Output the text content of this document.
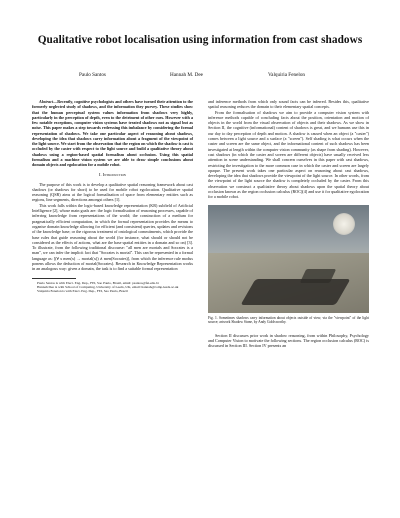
Qualitative robot localisation using information from cast shadows
Paulo Santos	Hannah M. Dee	Valquiria Fenelon

Abstract—Recently, cognitive psychologists and others have turned their attention to the formerly neglected study of shadows, and the information they purvey. These studies show that the human perceptual system values information from shadows very highly, particularly in the perception of depth, even to the detriment of other cues. However with a few notable exceptions, computer vision systems have treated shadows not as signal but as noise. This paper makes a step towards redressing this imbalance by considering the formal representation of shadows. We take one particular aspect of reasoning about shadows, developing the idea that shadows carry information about a fragment of the viewpoint of the light source. We start from the observation that the region on which the shadow is cast is occluded by the caster with respect to the light source and build a qualitative theory about shadows using a region-based spatial formalism about occlusion. Using this spatial formalism and a machine vision system we are able to draw simple conclusions about domain objects and egolocation for a mobile robot.

I. Introduction

The purpose of this work is to develop a qualitative spatial reasoning framework about cast shadows (or shadows for short) to be used for mobile robot egolocation. Qualitative spatial reasoning (QSR) aims at the logical formalisation of space from elementary entities such as regions, line segments, directions amongst others [1].

This work falls within the logic-based knowledge representation (KR) subfield of Artificial Intelligence [2], whose main goals are: the logic formalisation of reasoning processes, capable of inferring knowledge from representations of the world; the construction of a medium for pragmatically efficient computation, in which the formal representation provides the means to organise domain knowledge allowing for efficient (and consistent) queries, updates and revisions of the knowledge base; or the rigorous treatment of ontological commitments, which provide the base rules that guide reasoning about the world (for instance, what should or should not be considered as the effects of actions, what are the base spatial entities in a domain and so on) [3]. To illustrate, from the following traditional discourse: "all men are mortals and Socrates is a man", we can infer the implicit fact that "Socrates is mortal". This can be represented in a formal language as: [(∀ x men(x) → mortal(x)) ∧ men(Socrates)], from which the inference rule modus ponens allows the deduction of mortal(Socrates). Research in Knowledge Representation works in an analogous way: given a domain, the task is to find a suitable formal representation

Paulo Santos is with Elect. Eng. Dep., FEI, Sao Paulo, Brazil, email: psantos@fei.edu.br

Hannah Dee is with School of Computing, University of Leeds, UK, email: hannah@comp.leeds.ac.uk

Valquiria Fenelon is with Elect. Eng. Dep., FEI, Sao Paulo, Brazil

and inference methods from which only sound facts can be inferred. Besides this, qualitative spatial reasoning reduces the domain to their elementary spatial concepts.

From the formalisation of shadows we aim to provide a computer vision system with inference methods capable of concluding facts about the position, orientation and motion of objects in the world from the visual observation of objects and their shadows. As we show in Section II, the cognitive (informational) content of shadows is great, and we humans use this in our day to day perception of depth and motion. A shadow is caused when an object (a "caster") comes between a light source and a surface (a "screen"). Self shading is what occurs when the caster and screen are the same object, and the informational content of such shadows has been investigated at length within the computer vision community (as shape from shading). However, cast shadows (in which the caster and screen are different objects) have usually received less attention in scene understanding. We shall concern ourselves in this paper with cast shadows, restricting the investigation to the more common case in which the caster and screen are largely opaque. The present work takes one particular aspect on reasoning about cast shadows, developing the idea that shadows provide the viewpoint of the light source. In other words, from the viewpoint of the light source the shadow is completely occluded by the caster. From this observation we construct a qualitative theory about shadows upon the spatial theory about occlusion known as the region occlusion calculus (ROC)[4] and use it for qualitative egolocation for a mobile robot.

Fig. 1. Sometimes shadows carry information about objects outside of view, via the "viewpoint" of the light source; artwork Shadow Stone, by Andy Goldsworthy.

Section II discusses prior work in shadow reasoning, from within Philosophy, Psychology and Computer Vision to motivate the following sections. The region occlusion calculus (ROC) is discussed in Section III. Section IV presents an
